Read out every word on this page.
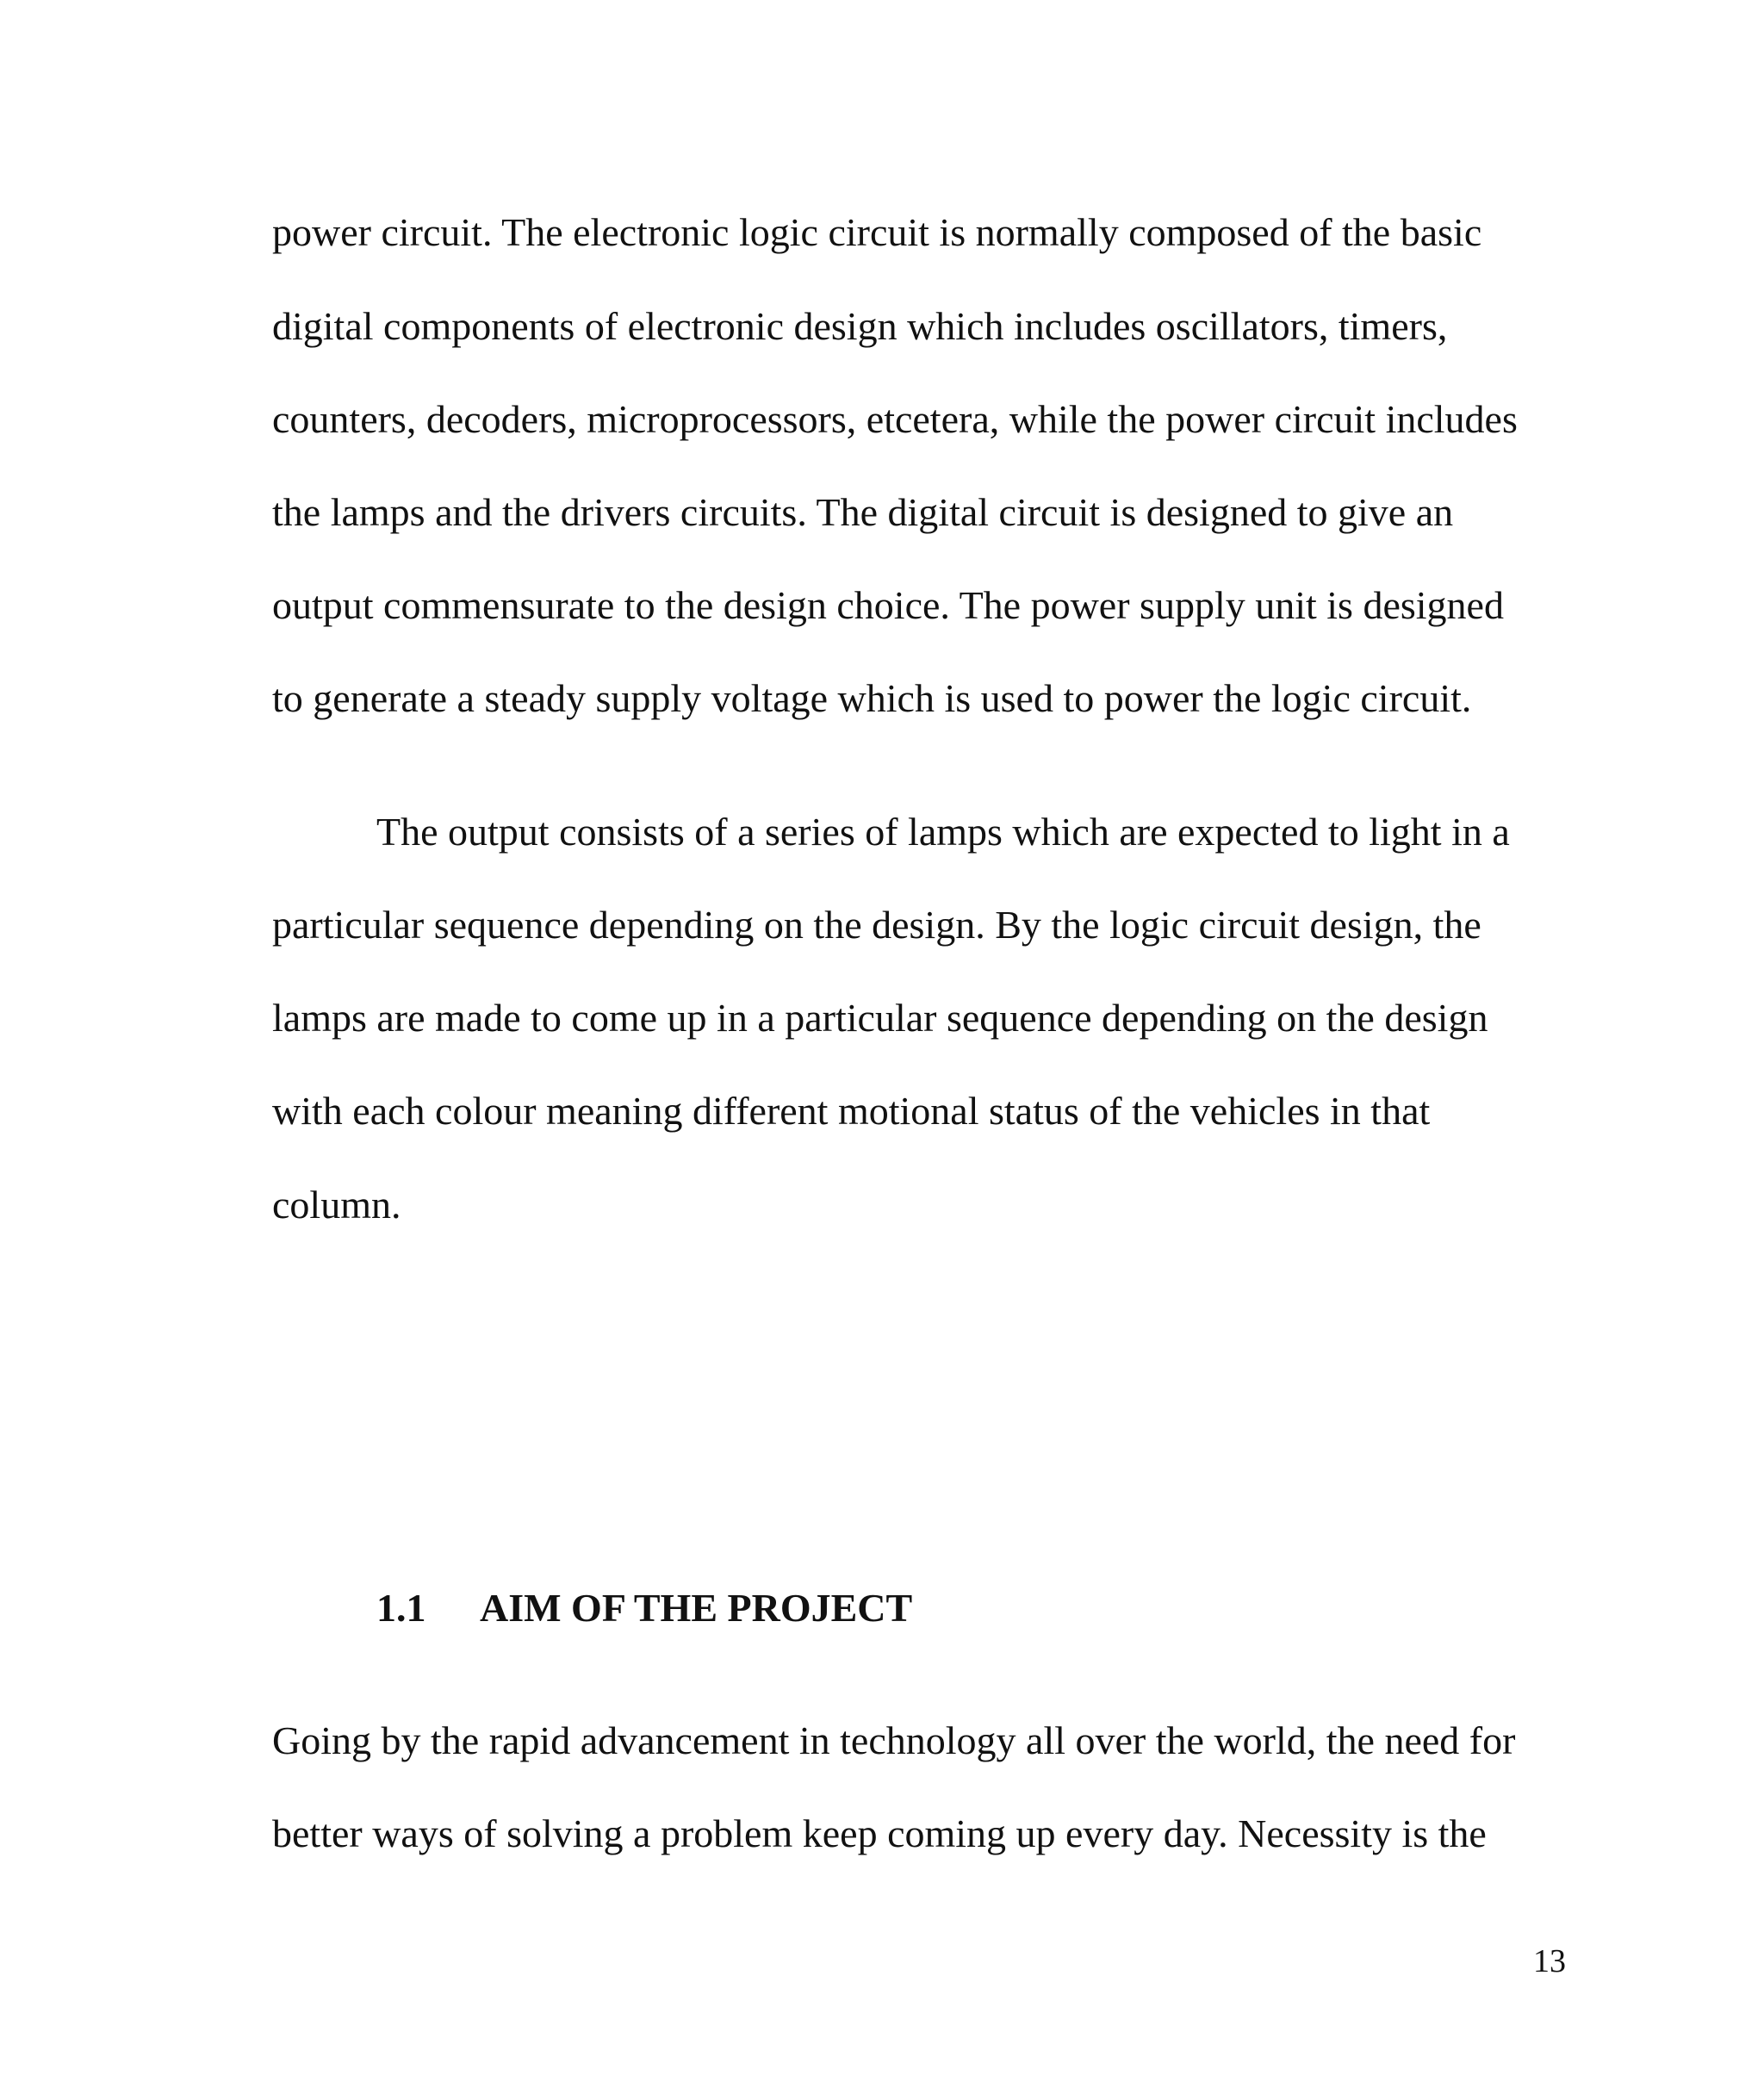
power circuit. The electronic logic circuit is normally composed of the basic
digital components of electronic design which includes oscillators, timers,
counters, decoders, microprocessors, etcetera, while the power circuit includes
the lamps and the drivers circuits. The digital circuit is designed to give an
output commensurate to the design choice. The power supply unit is designed
to generate a steady supply voltage which is used to power the logic circuit.
The output consists of a series of lamps which are expected to light in a
particular sequence depending on the design. By the logic circuit design, the
lamps are made to come up in a particular sequence depending on the design
with each colour meaning different motional status of the vehicles in that
column.
1.1 AIM OF THE PROJECT
Going by the rapid advancement in technology all over the world, the need for
better ways of solving a problem keep coming up every day. Necessity is the
13
